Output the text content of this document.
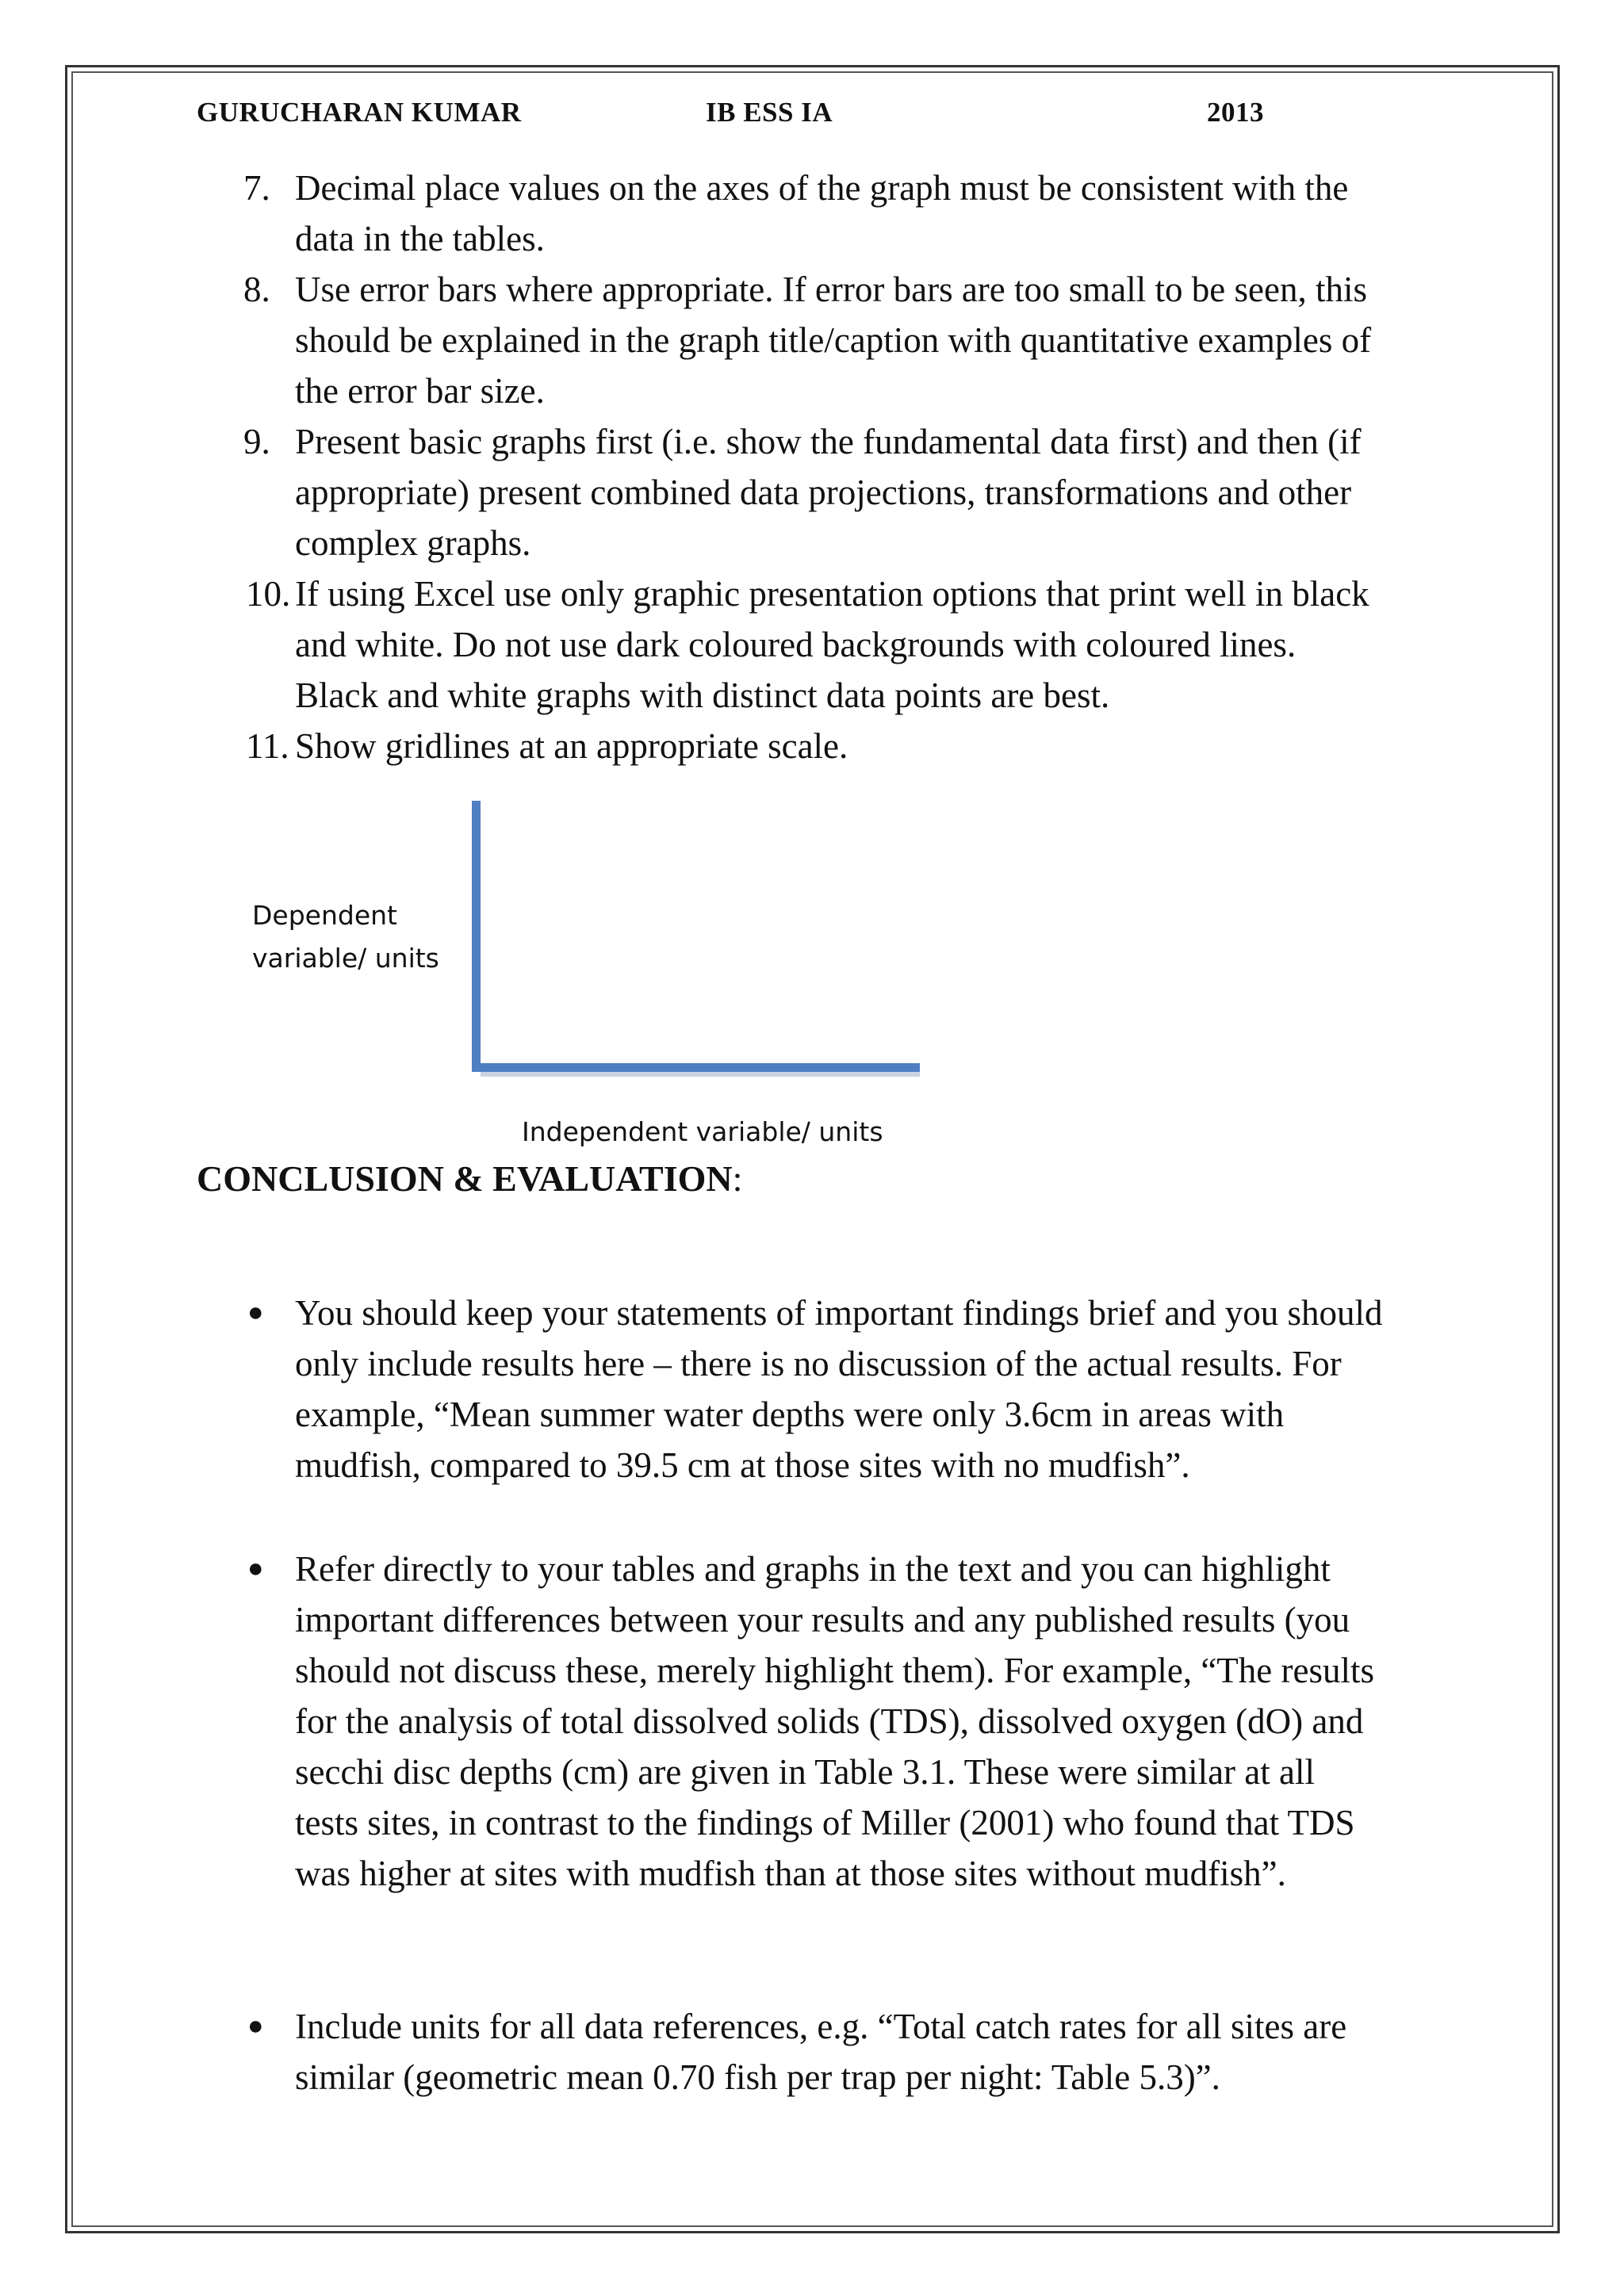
GURUCHARAN KUMAR	IB ESS IA	2013
7. Decimal place values on the axes of the graph must be consistent with the
data in the tables.
8. Use error bars where appropriate. If error bars are too small to be seen, this
should be explained in the graph title/caption with quantitative examples of
the error bar size.
9. Present basic graphs first (i.e. show the fundamental data first) and then (if
appropriate) present combined data projections, transformations and other
complex graphs.
10. If using Excel use only graphic presentation options that print well in black
and white. Do not use dark coloured backgrounds with coloured lines.
Black and white graphs with distinct data points are best.
11. Show gridlines at an appropriate scale.
Dependent
variable/ units
Independent variable/ units
CONCLUSION & EVALUATION:
● You should keep your statements of important findings brief and you should
only include results here – there is no discussion of the actual results. For
example, “Mean summer water depths were only 3.6cm in areas with
mudfish, compared to 39.5 cm at those sites with no mudfish”.
● Refer directly to your tables and graphs in the text and you can highlight
important differences between your results and any published results (you
should not discuss these, merely highlight them). For example, “The results
for the analysis of total dissolved solids (TDS), dissolved oxygen (dO) and
secchi disc depths (cm) are given in Table 3.1. These were similar at all
tests sites, in contrast to the findings of Miller (2001) who found that TDS
was higher at sites with mudfish than at those sites without mudfish”.
● Include units for all data references, e.g. “Total catch rates for all sites are
similar (geometric mean 0.70 fish per trap per night: Table 5.3)”.
